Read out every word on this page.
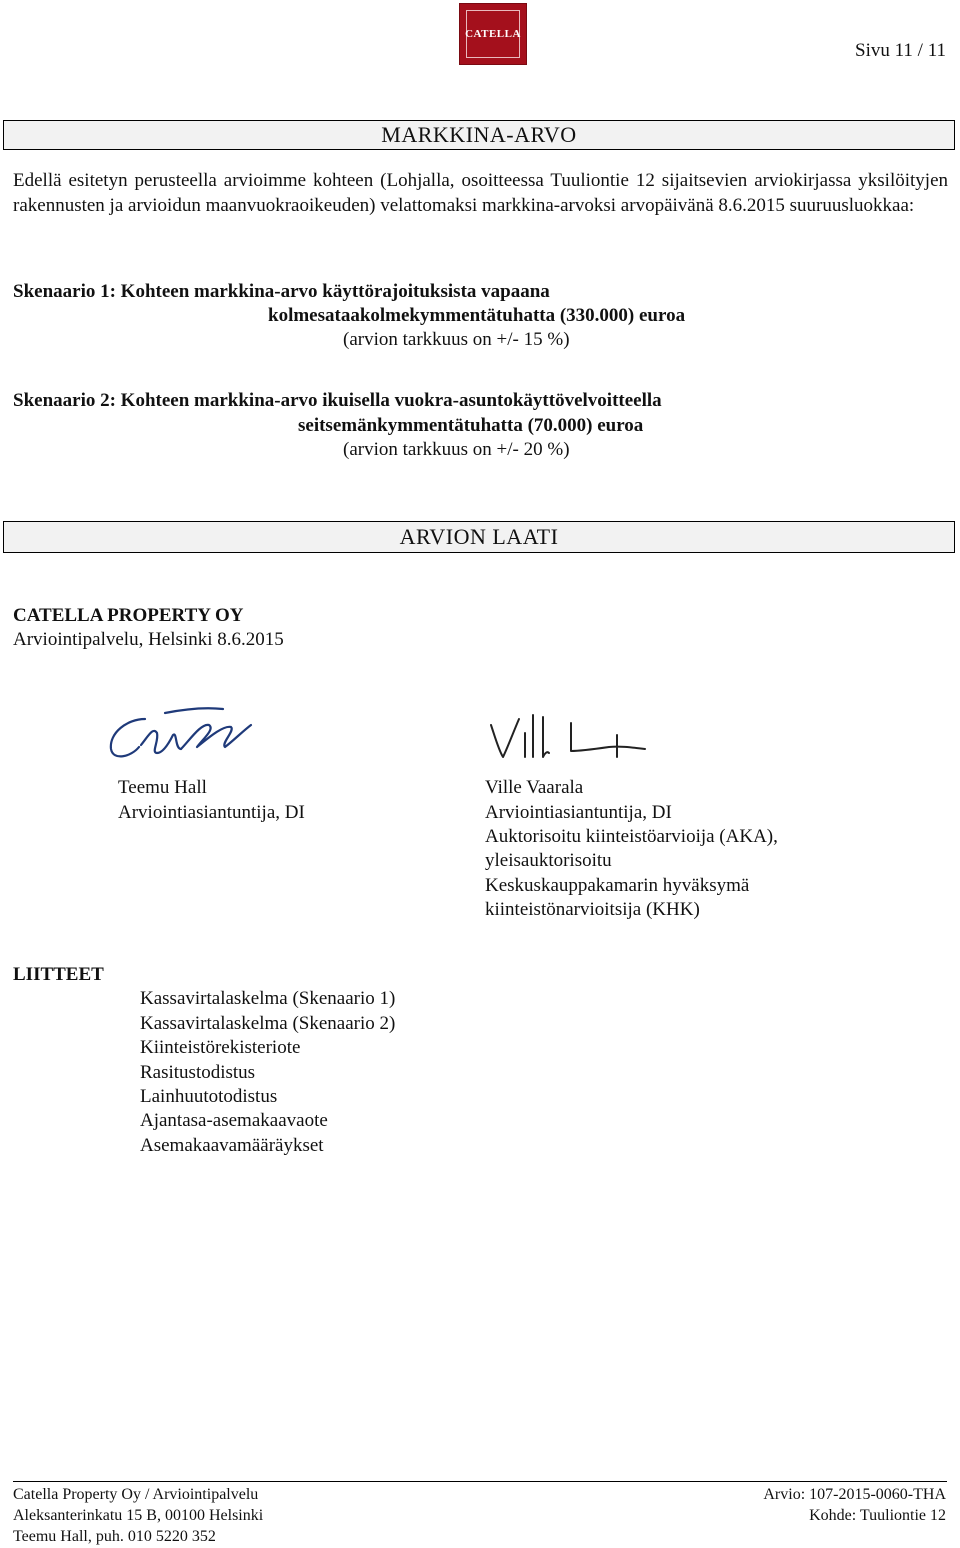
CATELLA
Sivu 11 / 11
MARKKINA-ARVO
Edellä esitetyn perusteella arvioimme kohteen (Lohjalla, osoitteessa Tuuliontie 12 sijaitsevien arviokirjassa yksilöityjen rakennusten ja arvioidun maanvuokraoikeuden) velattomaksi markkina-arvoksi arvopäivänä 8.6.2015 suuruusluokkaa:
Skenaario 1: Kohteen markkina-arvo käyttörajoituksista vapaana
kolmesataakolmekymmentätuhatta (330.000) euroa
(arvion tarkkuus on +/- 15 %)
Skenaario 2: Kohteen markkina-arvo ikuisella vuokra-asuntokäyttövelvoitteella
seitsemänkymmentätuhatta (70.000) euroa
(arvion tarkkuus on +/- 20 %)
ARVION LAATI
CATELLA PROPERTY OY
Arviointipalvelu, Helsinki 8.6.2015
Teemu Hall
Arviointiasiantuntija, DI
Ville Vaarala
Arviointiasiantuntija, DI
Auktorisoitu kiinteistöarvioija (AKA),
yleisauktorisoitu
Keskuskauppakamarin hyväksymä
kiinteistönarvioitsija (KHK)
LIITTEET
Kassavirtalaskelma (Skenaario 1)
Kassavirtalaskelma (Skenaario 2)
Kiinteistörekisteriote
Rasitustodistus
Lainhuutotodistus
Ajantasa-asemakaavaote
Asemakaavamääräykset
Catella Property Oy / Arviointipalvelu
Aleksanterinkatu 15 B, 00100 Helsinki
Teemu Hall, puh. 010 5220 352
Arvio: 107-2015-0060-THA
Kohde: Tuuliontie 12
